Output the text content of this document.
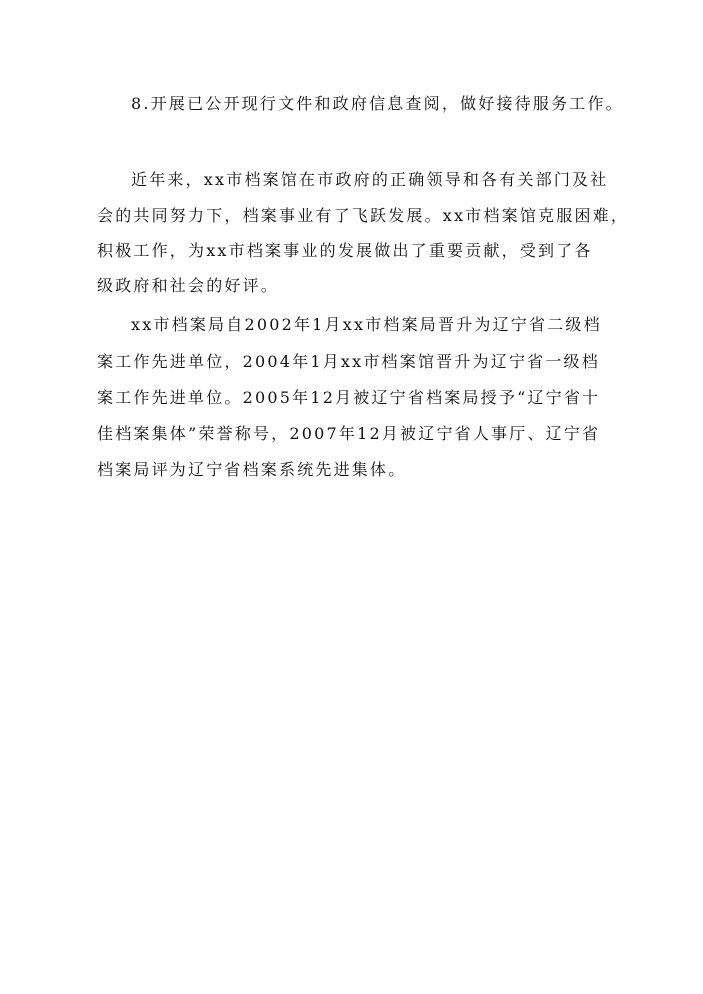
8.开展已公开现行文件和政府信息查阅，做好接待服务工作。
近年来，xx市档案馆在市政府的正确领导和各有关部门及社
会的共同努力下，档案事业有了飞跃发展。xx市档案馆克服困难，
积极工作，为xx市档案事业的发展做出了重要贡献，受到了各
级政府和社会的好评。
xx市档案局自2002年1月xx市档案局晋升为辽宁省二级档
案工作先进单位，2004年1月xx市档案馆晋升为辽宁省一级档
案工作先进单位。2005年12月被辽宁省档案局授予“辽宁省十
佳档案集体”荣誉称号，2007年12月被辽宁省人事厅、辽宁省
档案局评为辽宁省档案系统先进集体。
